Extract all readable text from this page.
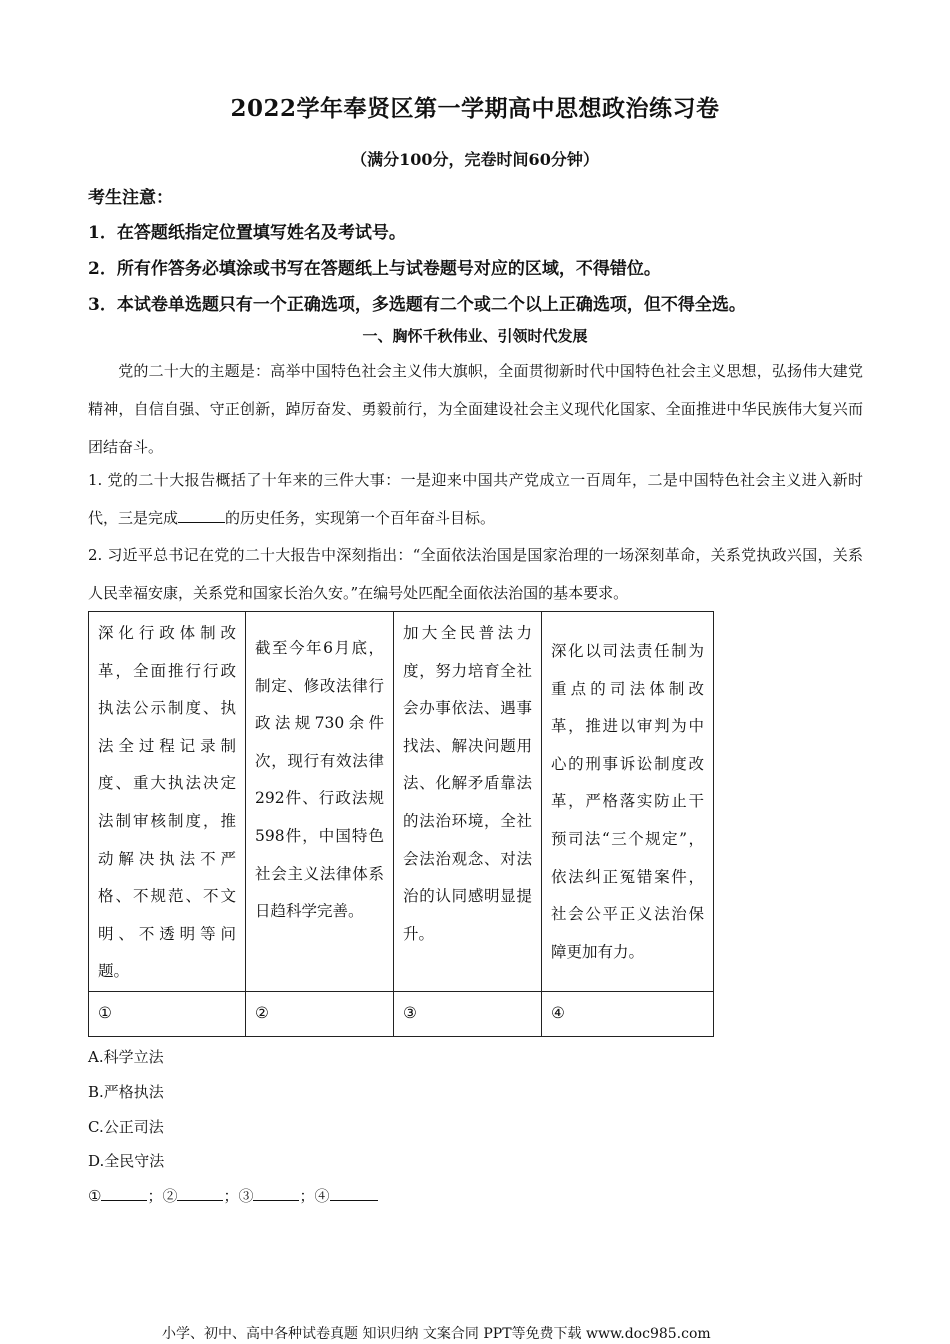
2022学年奉贤区第一学期高中思想政治练习卷
（满分100分，完卷时间60分钟）
考生注意：
1．在答题纸指定位置填写姓名及考试号。
2．所有作答务必填涂或书写在答题纸上与试卷题号对应的区域，不得错位。
3．本试卷单选题只有一个正确选项，多选题有二个或二个以上正确选项，但不得全选。
一、胸怀千秋伟业、引领时代发展
党的二十大的主题是：高举中国特色社会主义伟大旗帜，全面贯彻新时代中国特色社会主义思想，弘扬伟大建党精神，自信自强、守正创新，踔厉奋发、勇毅前行，为全面建设社会主义现代化国家、全面推进中华民族伟大复兴而团结奋斗。
1. 党的二十大报告概括了十年来的三件大事：一是迎来中国共产党成立一百周年，二是中国特色社会主义进入新时代，三是完成	的历史任务，实现第一个百年奋斗目标。
2. 习近平总书记在党的二十大报告中深刻指出：“全面依法治国是国家治理的一场深刻革命，关系党执政兴国，关系人民幸福安康，关系党和国家长治久安。”在编号处匹配全面依法治国的基本要求。
深化行政体制改革，全面推行行政执法公示制度、执法全过程记录制度、重大执法决定法制审核制度，推动解决执法不严格、不规范、不文明、不透明等问题。	截至今年6月底，制定、修改法律行政法规730余件次，现行有效法律292件、行政法规598件，中国特色社会主义法律体系日趋科学完善。	加大全民普法力度，努力培育全社会办事依法、遇事找法、解决问题用法、化解矛盾靠法的法治环境，全社会法治观念、对法治的认同感明显提升。	深化以司法责任制为重点的司法体制改革，推进以审判为中心的刑事诉讼制度改革，严格落实防止干预司法“三个规定”，依法纠正冤错案件，社会公平正义法治保障更加有力。
①	②	③	④
A.科学立法
B.严格执法
C.公正司法
D.全民守法
①	；②	；③	；④
小学、初中、高中各种试卷真题 知识归纳 文案合同 PPT等免费下载 www.doc985.com
